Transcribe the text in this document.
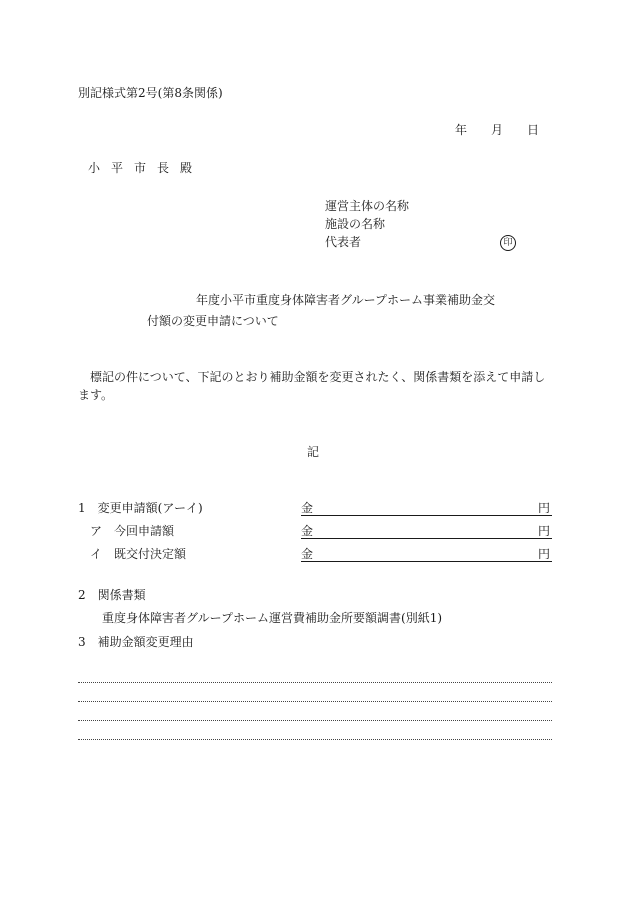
別記様式第2号(第8条関係)
年 月 日
小平市長殿
運営主体の名称
施設の名称
代表者	印
年度小平市重度身体障害者グループホーム事業補助金交
付額の変更申請について
標記の件について、下記のとおり補助金額を変更されたく、関係書類を添えて申請します。
記
1　変更申請額(アーイ)	金	円
　ア　今回申請額	金	円
　イ　既交付決定額	金	円
2　関係書類
重度身体障害者グループホーム運営費補助金所要額調書(別紙1)
3　補助金額変更理由
